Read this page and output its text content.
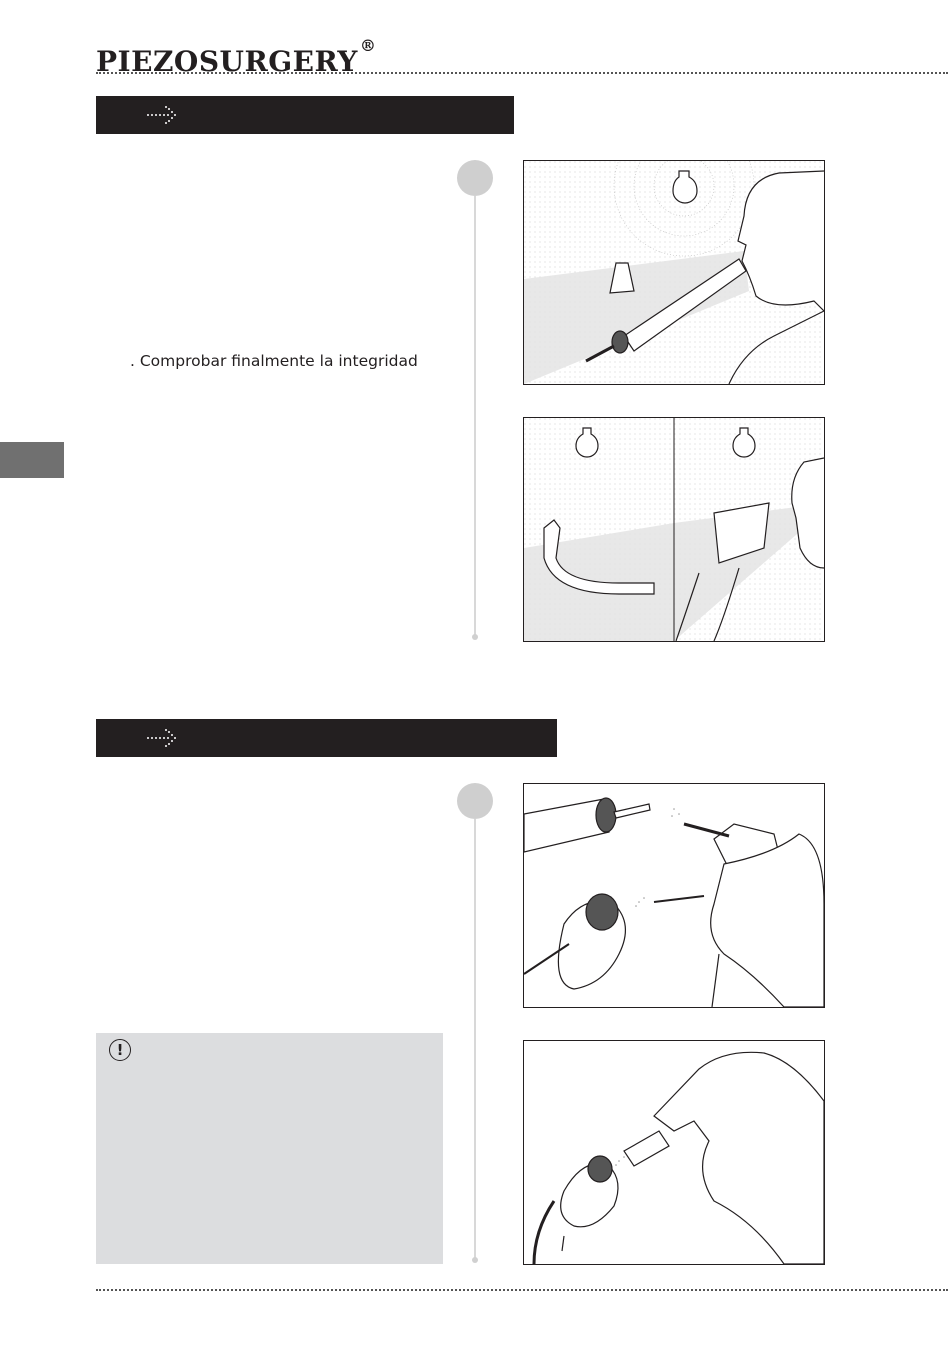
PIEZOSURGERY ®
. Comprobar finalmente la integridad
!
